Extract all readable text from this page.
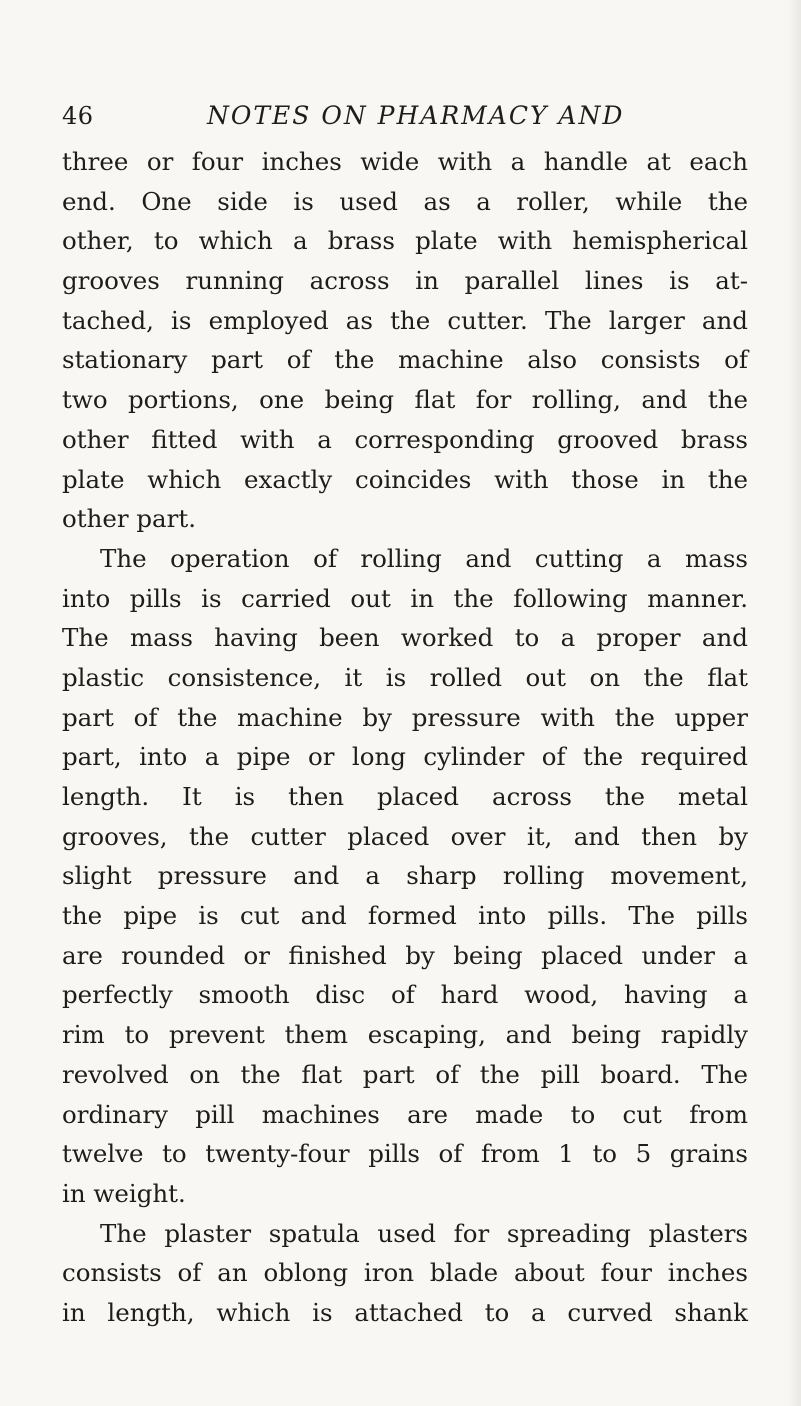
46	NOTES ON PHARMACY AND
three or four inches wide with a handle at each
end. One side is used as a roller, while the
other, to which a brass plate with hemispherical
grooves running across in parallel lines is at-
tached, is employed as the cutter. The larger and
stationary part of the machine also consists of
two portions, one being flat for rolling, and the
other fitted with a corresponding grooved brass
plate which exactly coincides with those in the
other part.
The operation of rolling and cutting a mass
into pills is carried out in the following manner.
The mass having been worked to a proper and
plastic consistence, it is rolled out on the flat
part of the machine by pressure with the upper
part, into a pipe or long cylinder of the required
length. It is then placed across the metal
grooves, the cutter placed over it, and then by
slight pressure and a sharp rolling movement,
the pipe is cut and formed into pills. The pills
are rounded or finished by being placed under a
perfectly smooth disc of hard wood, having a
rim to prevent them escaping, and being rapidly
revolved on the flat part of the pill board. The
ordinary pill machines are made to cut from
twelve to twenty-four pills of from 1 to 5 grains
in weight.
The plaster spatula used for spreading plasters
consists of an oblong iron blade about four inches
in length, which is attached to a curved shank
